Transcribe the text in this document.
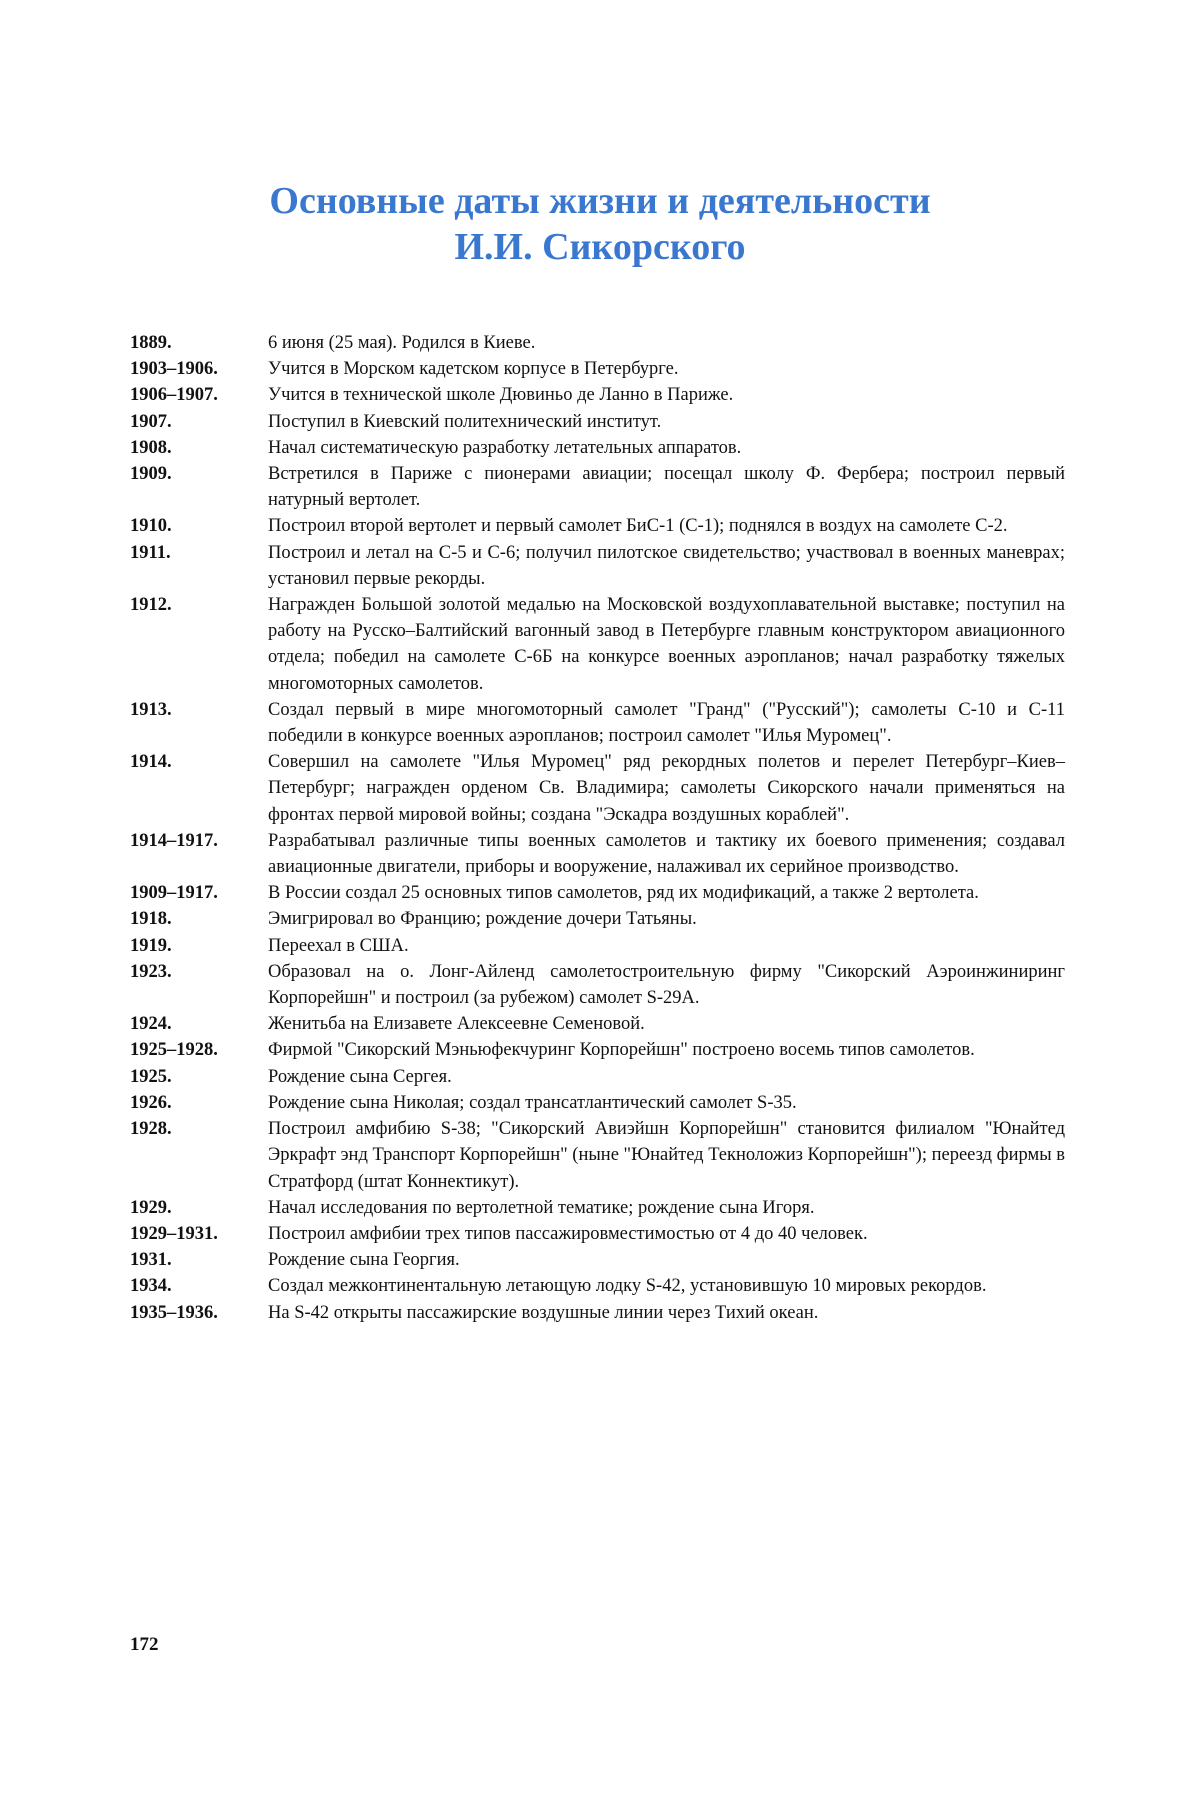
Основные даты жизни и деятельности
И.И. Сикорского
1889.	6 июня (25 мая). Родился в Киеве.
1903–1906.	Учится в Морском кадетском корпусе в Петербурге.
1906–1907.	Учится в технической школе Дювиньо де Ланно в Париже.
1907.	Поступил в Киевский политехнический институт.
1908.	Начал систематическую разработку летательных аппаратов.
1909.	Встретился в Париже с пионерами авиации; посещал школу Ф. Фербера; построил первый натурный вертолет.
1910.	Построил второй вертолет и первый самолет БиС-1 (С-1); поднялся в воздух на самолете С-2.
1911.	Построил и летал на С-5 и С-6; получил пилотское свидетельство; участвовал в военных маневрах; установил первые рекорды.
1912.	Награжден Большой золотой медалью на Московской воздухоплавательной выставке; поступил на работу на Русско–Балтийский вагонный завод в Петербурге главным конструктором авиационного отдела; победил на самолете С-6Б на конкурсе военных аэропланов; начал разработку тяжелых многомоторных самолетов.
1913.	Создал первый в мире многомоторный самолет "Гранд" ("Русский"); самолеты С-10 и С-11 победили в конкурсе военных аэропланов; построил самолет "Илья Муромец".
1914.	Совершил на самолете "Илья Муромец" ряд рекордных полетов и перелет Петербург–Киев–Петербург; награжден орденом Св. Владимира; самолеты Сикорского начали применяться на фронтах первой мировой войны; создана "Эскадра воздушных кораблей".
1914–1917.	Разрабатывал различные типы военных самолетов и тактику их боевого применения; создавал авиационные двигатели, приборы и вооружение, налаживал их серийное производство.
1909–1917.	В России создал 25 основных типов самолетов, ряд их модификаций, а также 2 вертолета.
1918.	Эмигрировал во Францию; рождение дочери Татьяны.
1919.	Переехал в США.
1923.	Образовал на о. Лонг-Айленд самолетостроительную фирму "Сикорский Аэроинжиниринг Корпорейшн" и построил (за рубежом) самолет S-29A.
1924.	Женитьба на Елизавете Алексеевне Семеновой.
1925–1928.	Фирмой "Сикорский Мэньюфекчуринг Корпорейшн" построено восемь типов самолетов.
1925.	Рождение сына Сергея.
1926.	Рождение сына Николая; создал трансатлантический самолет S-35.
1928.	Построил амфибию S-38; "Сикорский Авиэйшн Корпорейшн" становится филиалом "Юнайтед Эркрафт энд Транспорт Корпорейшн" (ныне "Юнайтед Текноложиз Корпорейшн"); переезд фирмы в Стратфорд (штат Коннектикут).
1929.	Начал исследования по вертолетной тематике; рождение сына Игоря.
1929–1931.	Построил амфибии трех типов пассажировместимостью от 4 до 40 человек.
1931.	Рождение сына Георгия.
1934.	Создал межконтинентальную летающую лодку S-42, установившую 10 мировых рекордов.
1935–1936.	На S-42 открыты пассажирские воздушные линии через Тихий океан.
172
